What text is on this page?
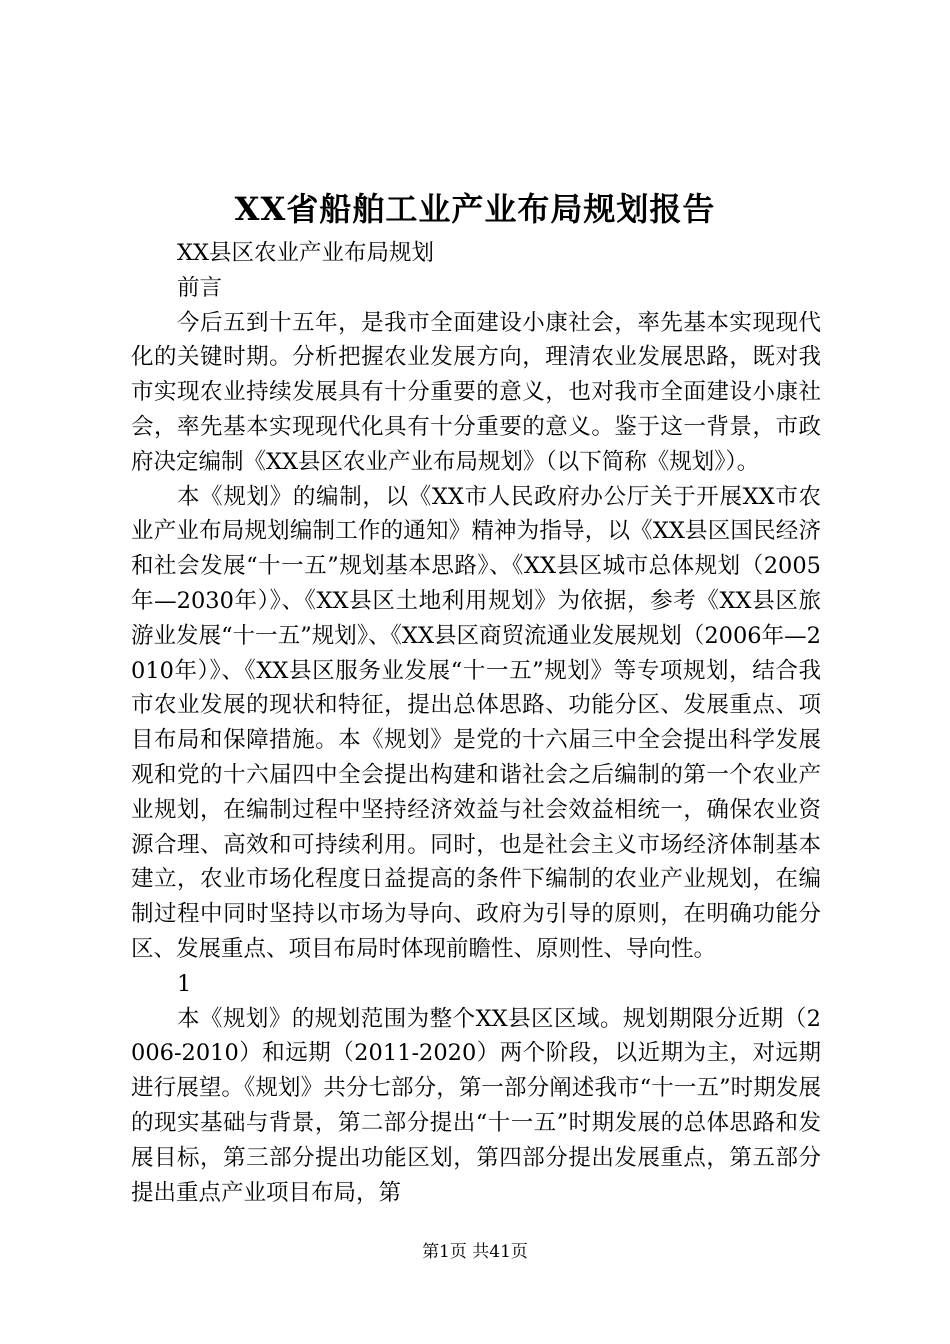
XX省船舶工业产业布局规划报告

XX县区农业产业布局规划

前言

今后五到十五年，是我市全面建设小康社会，率先基本实现现代化的关键时期。分析把握农业发展方向，理清农业发展思路，既对我市实现农业持续发展具有十分重要的意义，也对我市全面建设小康社会，率先基本实现现代化具有十分重要的意义。鉴于这一背景，市政府决定编制《XX县区农业产业布局规划》（以下简称《规划》）。

本《规划》的编制，以《XX市人民政府办公厅关于开展XX市农业产业布局规划编制工作的通知》精神为指导，以《XX县区国民经济和社会发展“十一五”规划基本思路》、《XX县区城市总体规划（2005年—2030年）》、《XX县区土地利用规划》为依据，参考《XX县区旅游业发展“十一五”规划》、《XX县区商贸流通业发展规划（2006年—2010年）》、《XX县区服务业发展“十一五”规划》等专项规划，结合我市农业发展的现状和特征，提出总体思路、功能分区、发展重点、项目布局和保障措施。本《规划》是党的十六届三中全会提出科学发展观和党的十六届四中全会提出构建和谐社会之后编制的第一个农业产业规划，在编制过程中坚持经济效益与社会效益相统一，确保农业资源合理、高效和可持续利用。同时，也是社会主义市场经济体制基本建立，农业市场化程度日益提高的条件下编制的农业产业规划，在编制过程中同时坚持以市场为导向、政府为引导的原则，在明确功能分区、发展重点、项目布局时体现前瞻性、原则性、导向性。

1

本《规划》的规划范围为整个XX县区区域。规划期限分近期（2006-2010）和远期（2011-2020）两个阶段，以近期为主，对远期进行展望。《规划》共分七部分，第一部分阐述我市“十一五”时期发展的现实基础与背景，第二部分提出“十一五”时期发展的总体思路和发展目标，第三部分提出功能区划，第四部分提出发展重点，第五部分提出重点产业项目布局，第

第1页 共41页
